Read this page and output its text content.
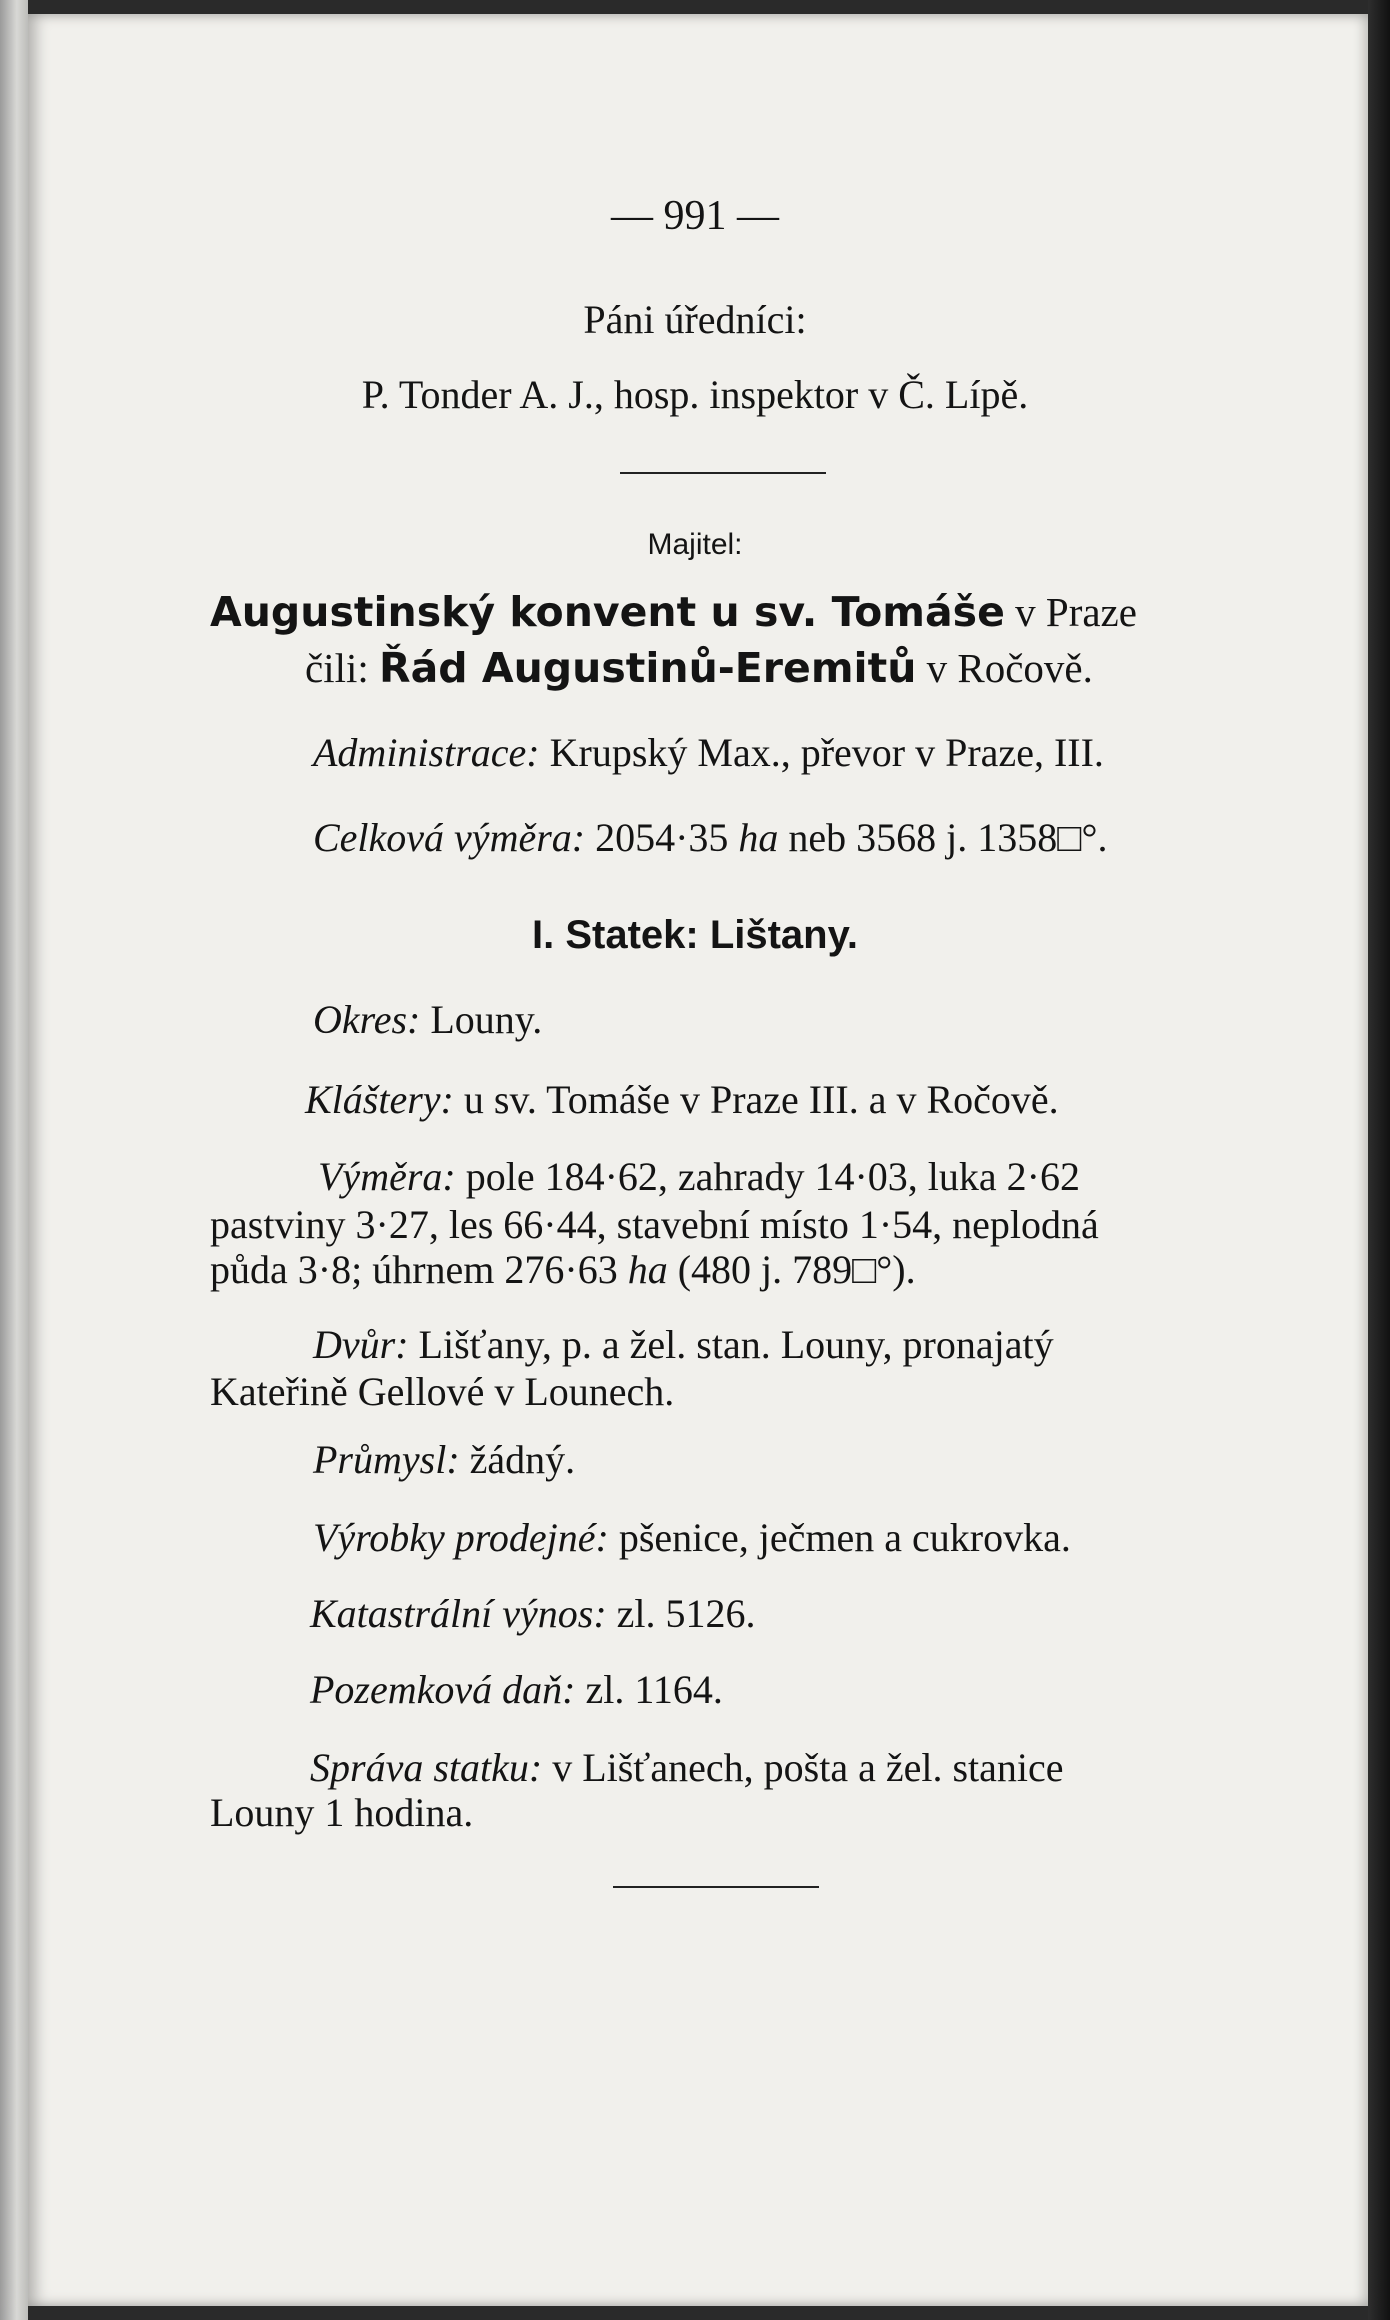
— 991 —
Páni úředníci:
P. Tonder A. J., hosp. inspektor v Č. Lípě.
Majitel:
Augustinský konvent u sv. Tomáše v Praze
čili: Řád Augustinů-Eremitů v Ročově.
Administrace: Krupský Max., převor v Praze, III.
Celková výměra: 2054·35 ha neb 3568 j. 1358□°.
I. Statek: Lištany.
Okres: Louny.
Kláštery: u sv. Tomáše v Praze III. a v Ročově.
Výměra: pole 184·62, zahrady 14·03, luka 2·62
pastviny 3·27, les 66·44, stavební místo 1·54, neplodná
půda 3·8; úhrnem 276·63 ha (480 j. 789□°).
Dvůr: Lišťany, p. a žel. stan. Louny, pronajatý
Kateřině Gellové v Lounech.
Průmysl: žádný.
Výrobky prodejné: pšenice, ječmen a cukrovka.
Katastrální výnos: zl. 5126.
Pozemková daň: zl. 1164.
Správa statku: v Lišťanech, pošta a žel. stanice
Louny 1 hodina.
